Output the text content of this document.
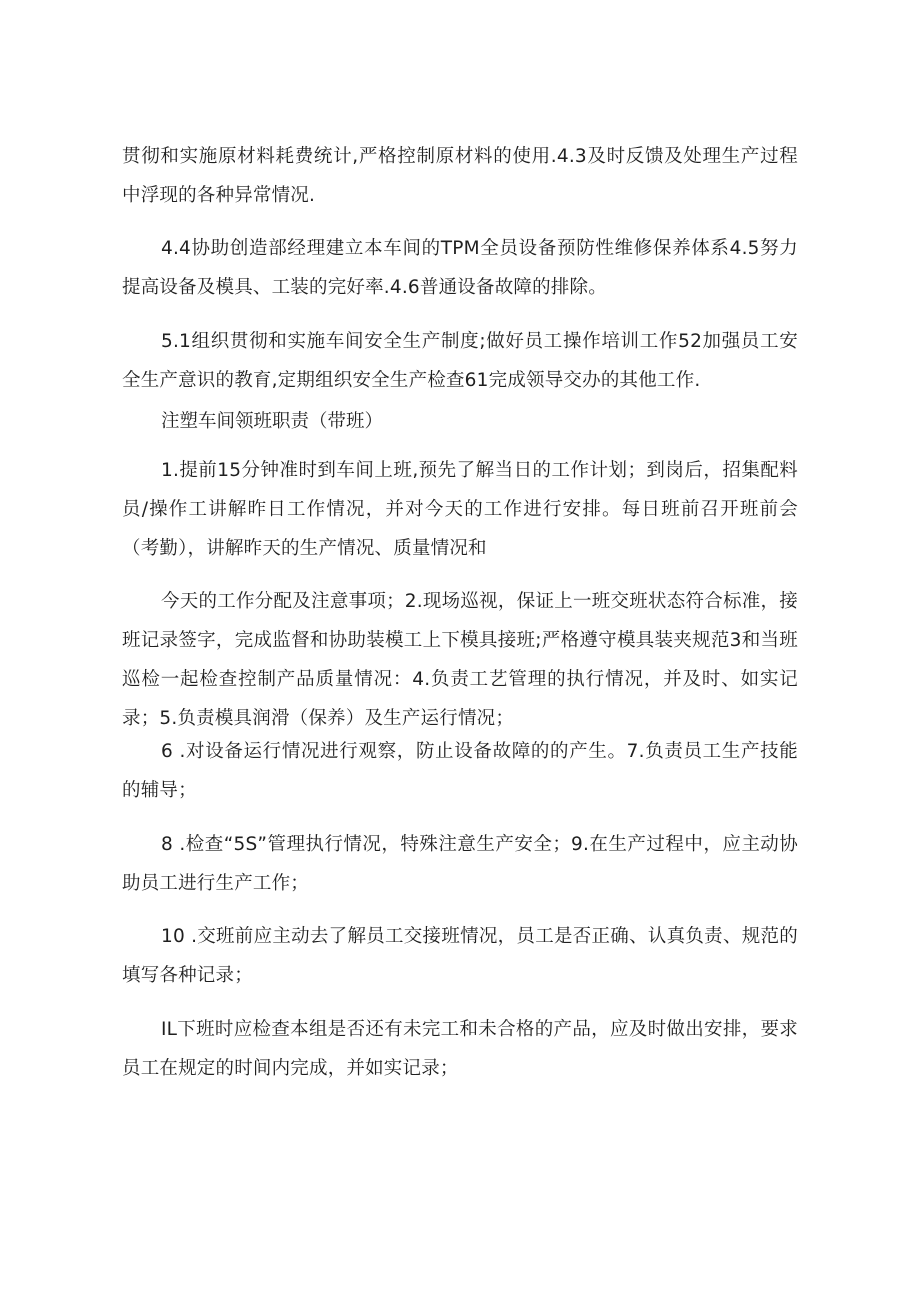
贯彻和实施原材料耗费统计,严格控制原材料的使用.4.3及时反馈及处理生产过程中浮现的各种异常情况.

4.4协助创造部经理建立本车间的TPM全员设备预防性维修保养体系4.5努力提高设备及模具、工装的完好率.4.6普通设备故障的排除。

5.1组织贯彻和实施车间安全生产制度;做好员工操作培训工作52加强员工安全生产意识的教育,定期组织安全生产检查61完成领导交办的其他工作.

注塑车间领班职责（带班）

1.提前15分钟准时到车间上班,预先了解当日的工作计划；到岗后，招集配料员/操作工讲解昨日工作情况，并对今天的工作进行安排。每日班前召开班前会（考勤），讲解昨天的生产情况、质量情况和

今天的工作分配及注意事项；2.现场巡视，保证上一班交班状态符合标准，接班记录签字，完成监督和协助装模工上下模具接班;严格遵守模具装夹规范3和当班巡检一起检查控制产品质量情况：4.负责工艺管理的执行情况，并及时、如实记录；5.负责模具润滑（保养）及生产运行情况；

6 .对设备运行情况进行观察，防止设备故障的的产生。7.负责员工生产技能的辅导；

8 .检查“5S”管理执行情况，特殊注意生产安全；9.在生产过程中，应主动协助员工进行生产工作；

10 .交班前应主动去了解员工交接班情况，员工是否正确、认真负责、规范的填写各种记录；

IL下班时应检查本组是否还有未完工和未合格的产品，应及时做出安排，要求员工在规定的时间内完成，并如实记录；
